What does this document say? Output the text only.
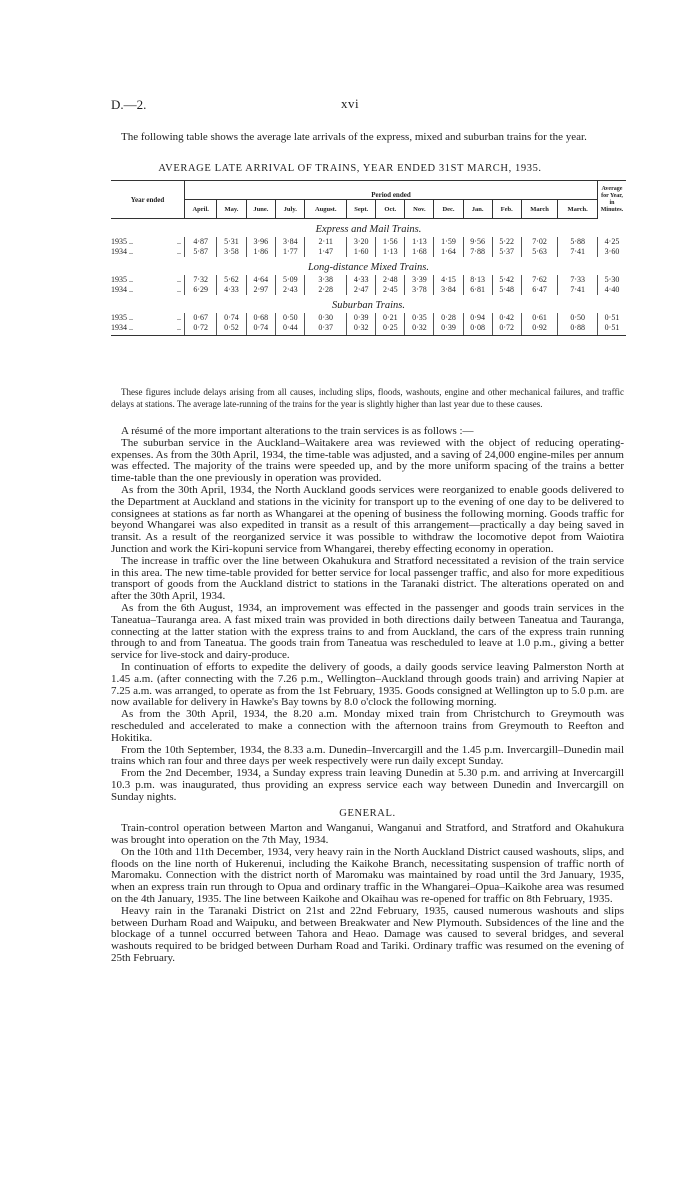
D.—2.	xvi
The following table shows the average late arrivals of the express, mixed and suburban trains for the year.
AVERAGE LATE ARRIVAL OF TRAINS, YEAR ENDED 31ST MARCH, 1935.
Year ended		Period ended													Average for Year, in Minutes.
		April.	May.	June.	July.	August.	Sept.	Oct.	Nov.	Dec.	Jan.	Feb.	March	March.	
Express and Mail Trains.															
1935 ..	..	4·87	5·31	3·96	3·84	2·11	3·20	1·56	1·13	1·59	9·56	5·22	7·02	5·88	4·25
1934 ..	..	5·87	3·58	1·86	1·77	1·47	1·60	1·13	1·68	1·64	7·88	5·37	5·63	7·41	3·60
Long-distance Mixed Trains.															
1935 ..	..	7·32	5·62	4·64	5·09	3·38	4·33	2·48	3·39	4·15	8·13	5·42	7·62	7·33	5·30
1934 ..	..	6·29	4·33	2·97	2·43	2·28	2·47	2·45	3·78	3·84	6·81	5·48	6·47	7·41	4·40
Suburban Trains.															
1935 ..	..	0·67	0·74	0·68	0·50	0·30	0·39	0·21	0·35	0·28	0·94	0·42	0·61	0·50	0·51
1934 ..	..	0·72	0·52	0·74	0·44	0·37	0·32	0·25	0·32	0·39	0·08	0·72	0·92	0·88	0·51
These figures include delays arising from all causes, including slips, floods, washouts, engine and other mechanical failures, and traffic delays at stations. The average late-running of the trains for the year is slightly higher than last year due to these causes.

A résumé of the more important alterations to the train services is as follows :—

The suburban service in the Auckland–Waitakere area was reviewed with the object of reducing operating-expenses. As from the 30th April, 1934, the time-table was adjusted, and a saving of 24,000 engine-miles per annum was effected. The majority of the trains were speeded up, and by the more uniform spacing of the trains a better time-table than the one previously in operation was provided.

As from the 30th April, 1934, the North Auckland goods services were reorganized to enable goods delivered to the Department at Auckland and stations in the vicinity for transport up to the evening of one day to be delivered to consignees at stations as far north as Whangarei at the opening of business the following morning. Goods traffic for beyond Whangarei was also expedited in transit as a result of this arrangement—practically a day being saved in transit. As a result of the reorganized service it was possible to withdraw the locomotive depot from Waiotira Junction and work the Kiri-kopuni service from Whangarei, thereby effecting economy in operation.

The increase in traffic over the line between Okahukura and Stratford necessitated a revision of the train service in this area. The new time-table provided for better service for local passenger traffic, and also for more expeditious transport of goods from the Auckland district to stations in the Taranaki district. The alterations operated on and after the 30th April, 1934.

As from the 6th August, 1934, an improvement was effected in the passenger and goods train services in the Taneatua–Tauranga area. A fast mixed train was provided in both directions daily between Taneatua and Tauranga, connecting at the latter station with the express trains to and from Auckland, the cars of the express train running through to and from Taneatua. The goods train from Taneatua was rescheduled to leave at 1.0 p.m., giving a better service for live-stock and dairy-produce.

In continuation of efforts to expedite the delivery of goods, a daily goods service leaving Palmerston North at 1.45 a.m. (after connecting with the 7.26 p.m., Wellington–Auckland through goods train) and arriving Napier at 7.25 a.m. was arranged, to operate as from the 1st February, 1935. Goods consigned at Wellington up to 5.0 p.m. are now available for delivery in Hawke's Bay towns by 8.0 o'clock the following morning.

As from the 30th April, 1934, the 8.20 a.m. Monday mixed train from Christchurch to Greymouth was rescheduled and accelerated to make a connection with the afternoon trains from Greymouth to Reefton and Hokitika.

From the 10th September, 1934, the 8.33 a.m. Dunedin–Invercargill and the 1.45 p.m. Invercargill–Dunedin mail trains which ran four and three days per week respectively were run daily except Sunday.

From the 2nd December, 1934, a Sunday express train leaving Dunedin at 5.30 p.m. and arriving at Invercargill 10.3 p.m. was inaugurated, thus providing an express service each way between Dunedin and Invercargill on Sunday nights.

GENERAL.

Train-control operation between Marton and Wanganui, Wanganui and Stratford, and Stratford and Okahukura was brought into operation on the 7th May, 1934.

On the 10th and 11th December, 1934, very heavy rain in the North Auckland District caused washouts, slips, and floods on the line north of Hukerenui, including the Kaikohe Branch, necessitating suspension of traffic north of Maromaku. Connection with the district north of Maromaku was maintained by road until the 3rd January, 1935, when an express train run through to Opua and ordinary traffic in the Whangarei–Opua–Kaikohe area was resumed on the 4th January, 1935. The line between Kaikohe and Okaihau was re-opened for traffic on 8th February, 1935.

Heavy rain in the Taranaki District on 21st and 22nd February, 1935, caused numerous washouts and slips between Durham Road and Waipuku, and between Breakwater and New Plymouth. Subsidences of the line and the blockage of a tunnel occurred between Tahora and Heao. Damage was caused to several bridges, and several washouts required to be bridged between Durham Road and Tariki. Ordinary traffic was resumed on the evening of 25th February.
